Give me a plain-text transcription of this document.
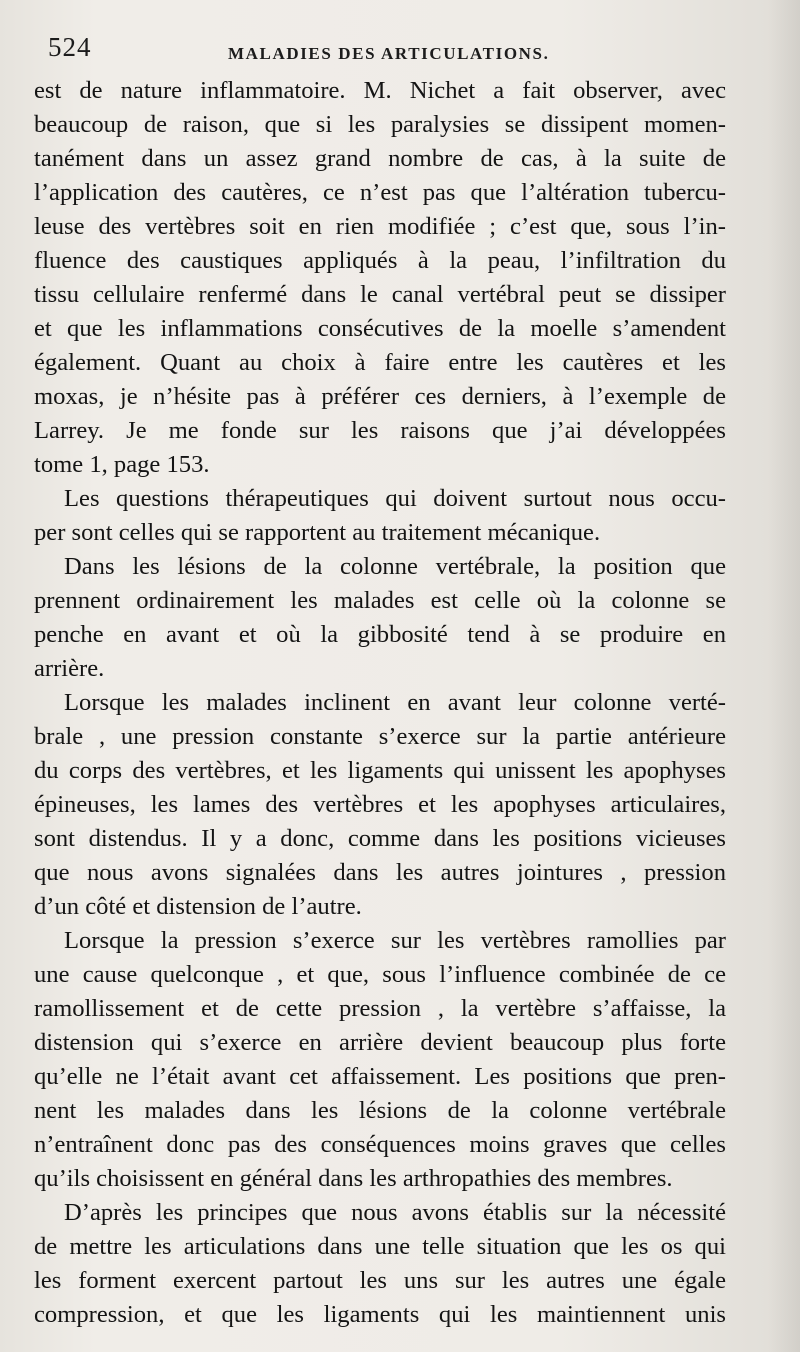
524	MALADIES DES ARTICULATIONS.
est de nature inflammatoire. M. Nichet a fait observer, avec
beaucoup de raison, que si les paralysies se dissipent momen-
tanément dans un assez grand nombre de cas, à la suite de
l’application des cautères, ce n’est pas que l’altération tubercu-
leuse des vertèbres soit en rien modifiée ; c’est que, sous l’in-
fluence des caustiques appliqués à la peau, l’infiltration du
tissu cellulaire renfermé dans le canal vertébral peut se dissiper
et que les inflammations consécutives de la moelle s’amendent
également. Quant au choix à faire entre les cautères et les
moxas, je n’hésite pas à préférer ces derniers, à l’exemple de
Larrey. Je me fonde sur les raisons que j’ai développées
tome 1, page 153.
Les questions thérapeutiques qui doivent surtout nous occu-
per sont celles qui se rapportent au traitement mécanique.
Dans les lésions de la colonne vertébrale, la position que
prennent ordinairement les malades est celle où la colonne se
penche en avant et où la gibbosité tend à se produire en
arrière.
Lorsque les malades inclinent en avant leur colonne verté-
brale , une pression constante s’exerce sur la partie antérieure
du corps des vertèbres, et les ligaments qui unissent les apophyses
épineuses, les lames des vertèbres et les apophyses articulaires,
sont distendus. Il y a donc, comme dans les positions vicieuses
que nous avons signalées dans les autres jointures , pression
d’un côté et distension de l’autre.
Lorsque la pression s’exerce sur les vertèbres ramollies par
une cause quelconque , et que, sous l’influence combinée de ce
ramollissement et de cette pression , la vertèbre s’affaisse, la
distension qui s’exerce en arrière devient beaucoup plus forte
qu’elle ne l’était avant cet affaissement. Les positions que pren-
nent les malades dans les lésions de la colonne vertébrale
n’entraînent donc pas des conséquences moins graves que celles
qu’ils choisissent en général dans les arthropathies des membres.
D’après les principes que nous avons établis sur la nécessité
de mettre les articulations dans une telle situation que les os qui
les forment exercent partout les uns sur les autres une égale
compression, et que les ligaments qui les maintiennent unis
